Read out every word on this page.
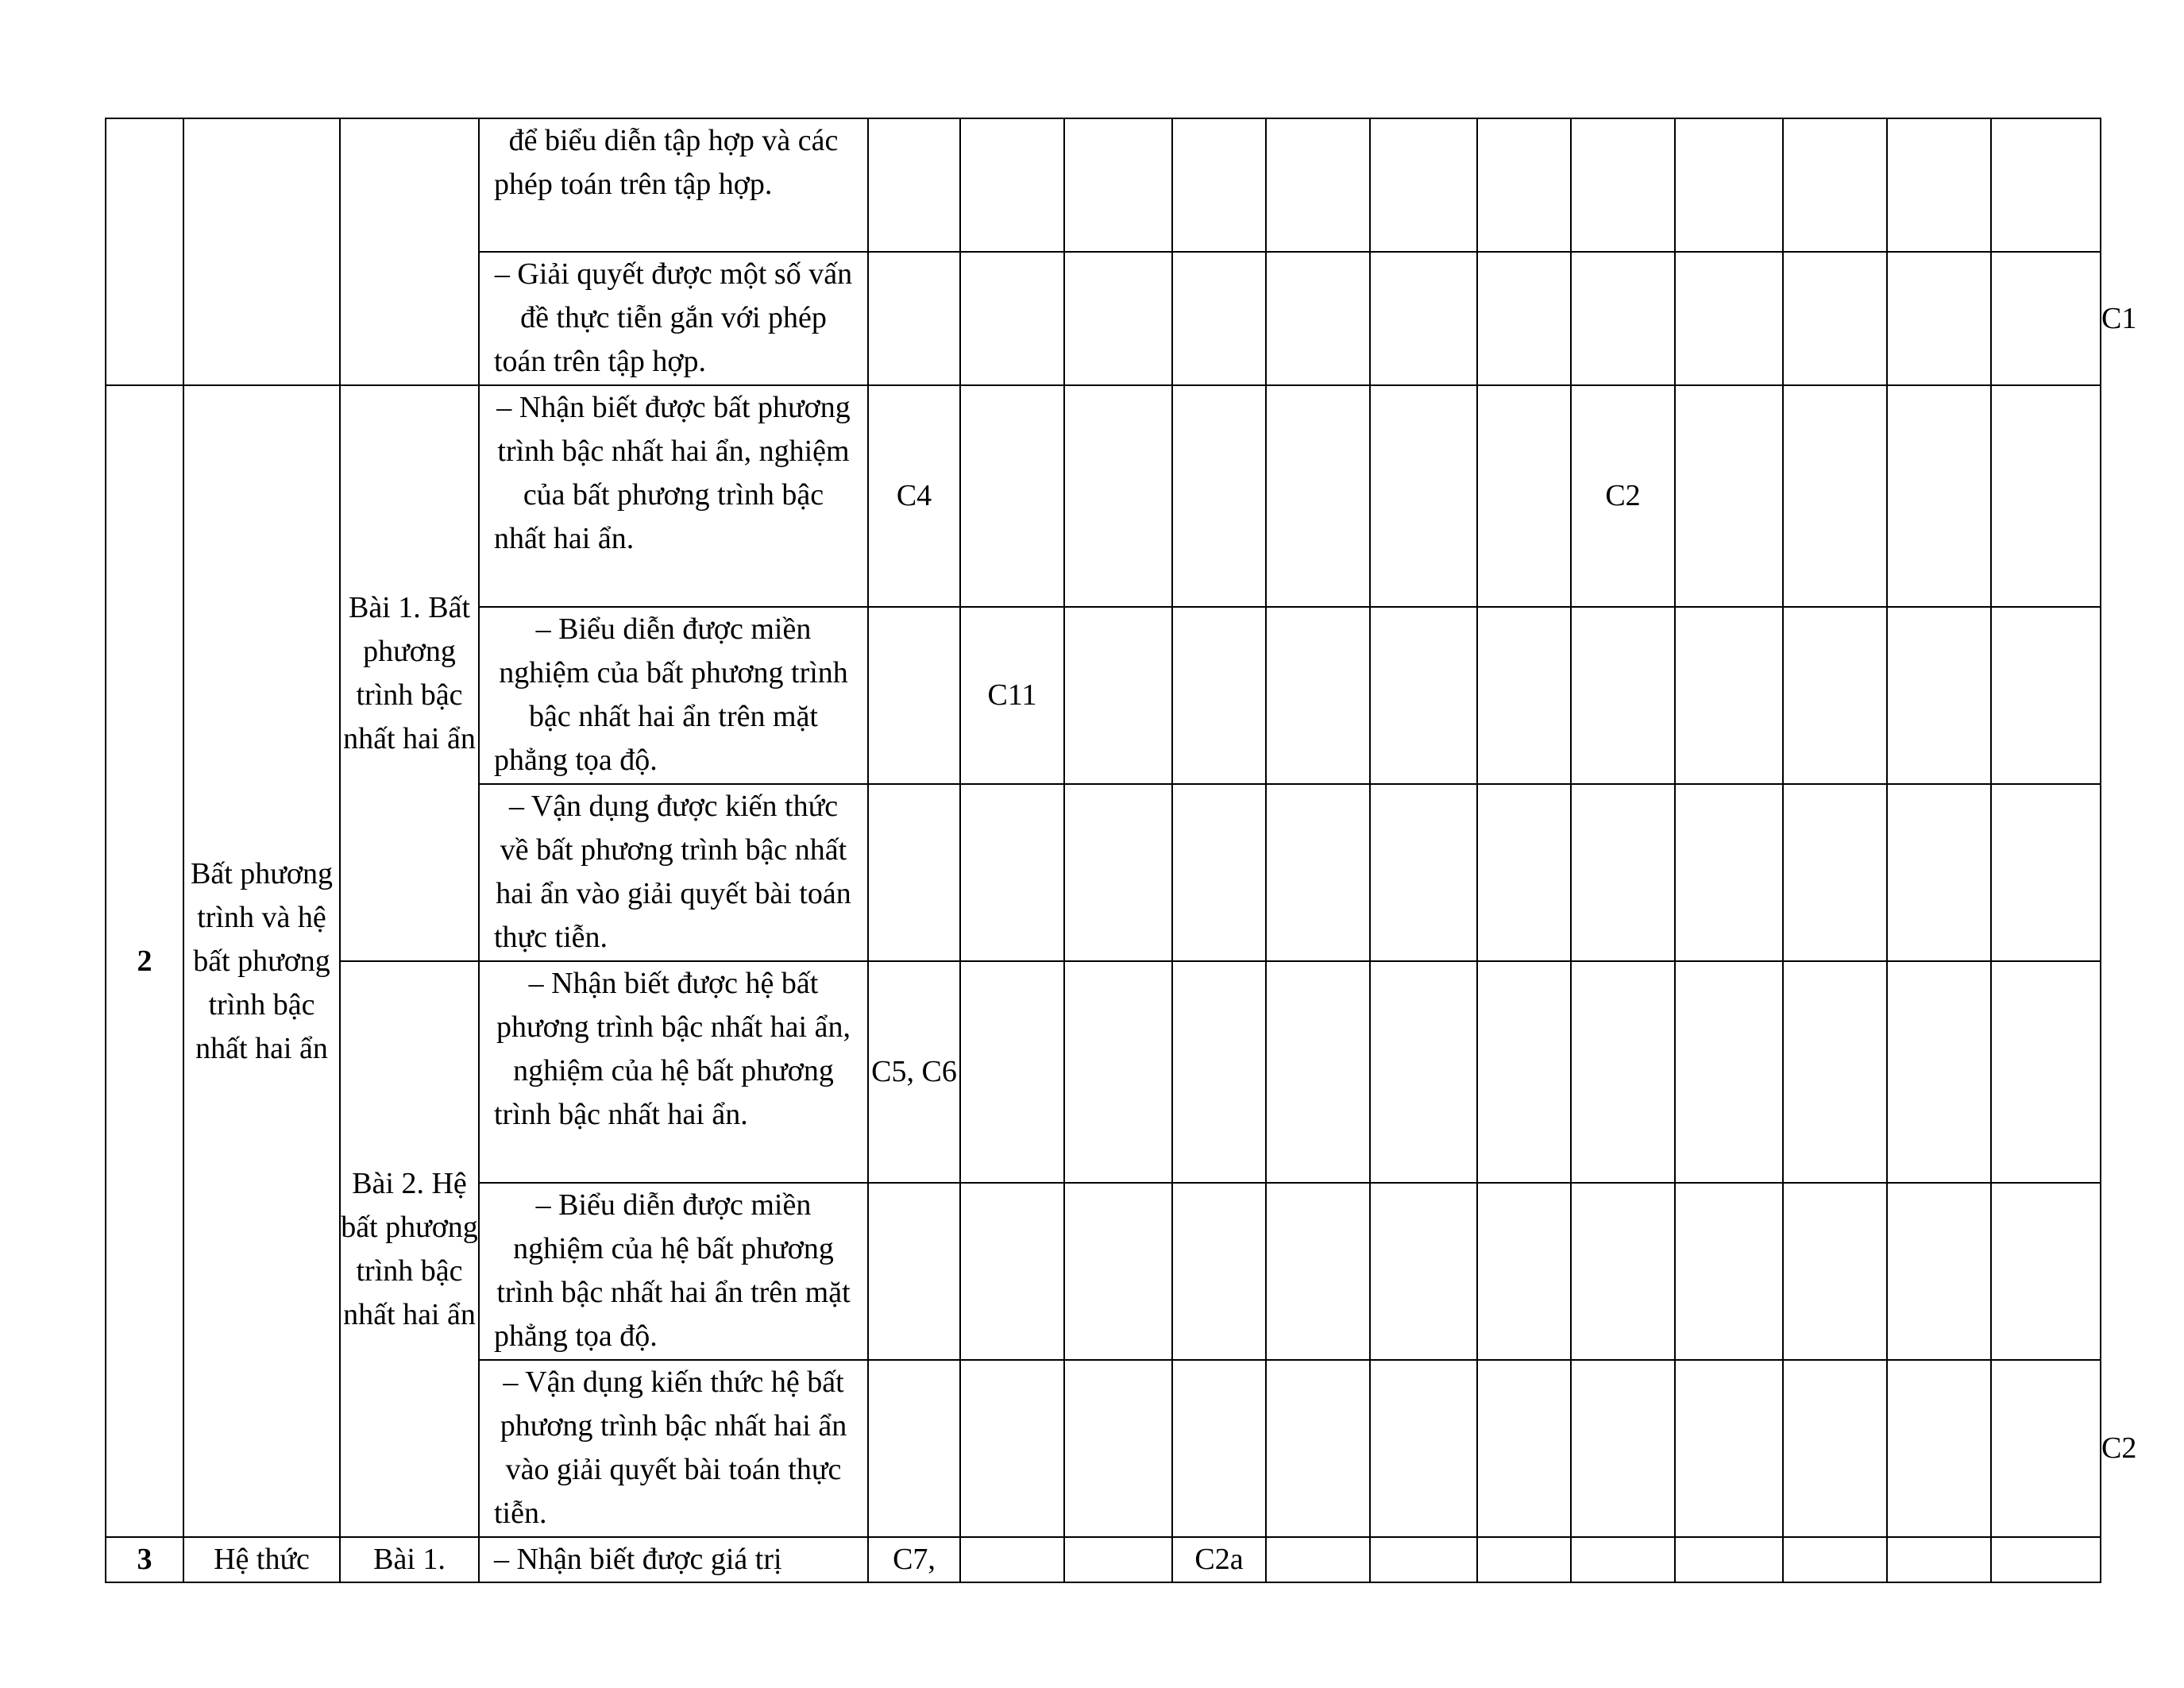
			để biểu diễn tập hợp và các phép toán trên tập hợp.													
			– Giải quyết được một số vấn đề thực tiễn gắn với phép toán trên tập hợp.													C1
2	Bất phương trình và hệ bất phương trình bậc nhất hai ẩn	Bài 1. Bất phương trình bậc nhất hai ẩn	– Nhận biết được bất phương trình bậc nhất hai ẩn, nghiệm của bất phương trình bậc nhất hai ẩn.	C4							C2					
			– Biểu diễn được miền nghiệm của bất phương trình bậc nhất hai ẩn trên mặt phẳng tọa độ.		C11											
			– Vận dụng được kiến thức về bất phương trình bậc nhất hai ẩn vào giải quyết bài toán thực tiễn.													
		Bài 2. Hệ bất phương trình bậc nhất hai ẩn	– Nhận biết được hệ bất phương trình bậc nhất hai ẩn, nghiệm của hệ bất phương trình bậc nhất hai ẩn.	C5, C6												
			– Biểu diễn được miền nghiệm của hệ bất phương trình bậc nhất hai ẩn trên mặt phẳng tọa độ.													
			– Vận dụng kiến thức hệ bất phương trình bậc nhất hai ẩn vào giải quyết bài toán thực tiễn.													C2
3	Hệ thức	Bài 1.	– Nhận biết được giá trị	C7,			C2a									
